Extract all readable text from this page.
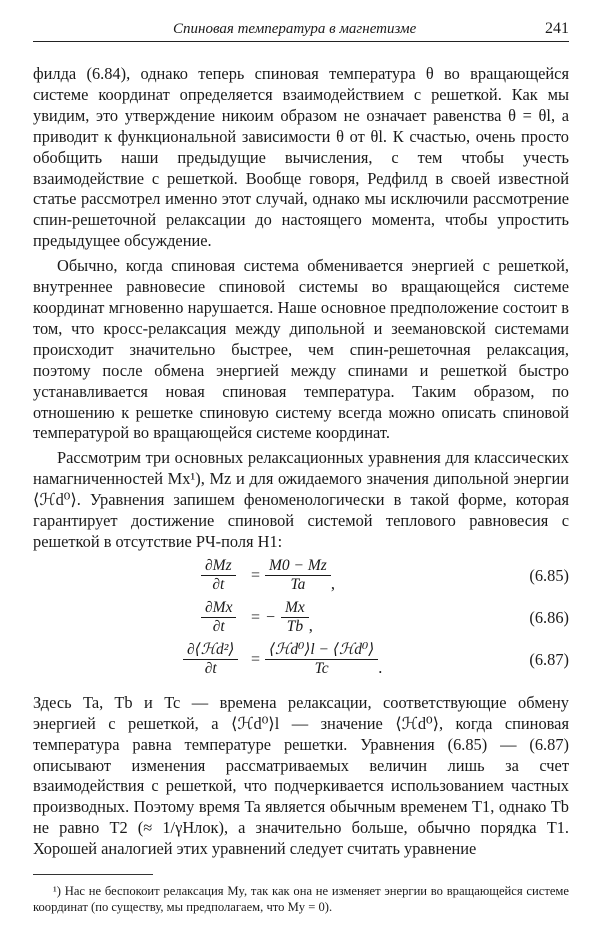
Спиновая температура в магнетизме	241

филда (6.84), однако теперь спиновая температура θ во вращающейся системе координат определяется взаимодействием с решеткой. Как мы увидим, это утверждение никоим образом не означает равенства θ = θl, а приводит к функциональной зависимости θ от θl. К счастью, очень просто обобщить наши предыдущие вычисления, с тем чтобы учесть взаимодействие с решеткой. Вообще говоря, Редфилд в своей известной статье рассмотрел именно этот случай, однако мы исключили рассмотрение спин-решеточной релаксации до настоящего момента, чтобы упростить предыдущее обсуждение.

Обычно, когда спиновая система обменивается энергией с решеткой, внутреннее равновесие спиновой системы во вращающейся системе координат мгновенно нарушается. Наше основное предположение состоит в том, что кросс-релаксация между дипольной и зеемановской системами происходит значительно быстрее, чем спин-решеточная релаксация, поэтому после обмена энергией между спинами и решеткой быстро устанавливается новая спиновая температура. Таким образом, по отношению к решетке спиновую систему всегда можно описать спиновой температурой во вращающейся системе координат.

Рассмотрим три основных релаксационных уравнения для классических намагниченностей Mx¹), Mz и для ожидаемого значения дипольной энергии ⟨ℋd⁰⟩. Уравнения запишем феноменологически в такой форме, которая гарантирует достижение спиновой системой теплового равновесия с решеткой в отсутствие РЧ-поля H1:

$\frac{\partial Mz}{\partial t} = \frac{M0 - Mz}{Ta}$ ,	(6.85)
$\frac{\partial Mx}{\partial t}$ = − $\frac{Mx}{Tb}$ ,	(6.86)
$\frac{\text{∂⟨ℋd²⟩}}{\partial t} = \frac{\text{⟨ℋd⁰⟩l − ⟨ℋd⁰⟩}}{Tc}$ .	(6.87)

Здесь Ta, Tb и Tc — времена релаксации, соответствующие обмену энергией с решеткой, а ⟨ℋd⁰⟩l — значение ⟨ℋd⁰⟩, когда спиновая температура равна температуре решетки. Уравнения (6.85) — (6.87) описывают изменения рассматриваемых величин лишь за счет взаимодействия с решеткой, что подчеркивается использованием частных производных. Поэтому время Ta является обычным временем T1, однако Tb не равно T2 (≈ 1/γHлок), а значительно больше, обычно порядка T1. Хорошей аналогией этих уравнений следует считать уравнение

¹) Нас не беспокоит релаксация My, так как она не изменяет энергии во вращающейся системе координат (по существу, мы предполагаем, что My = 0).
